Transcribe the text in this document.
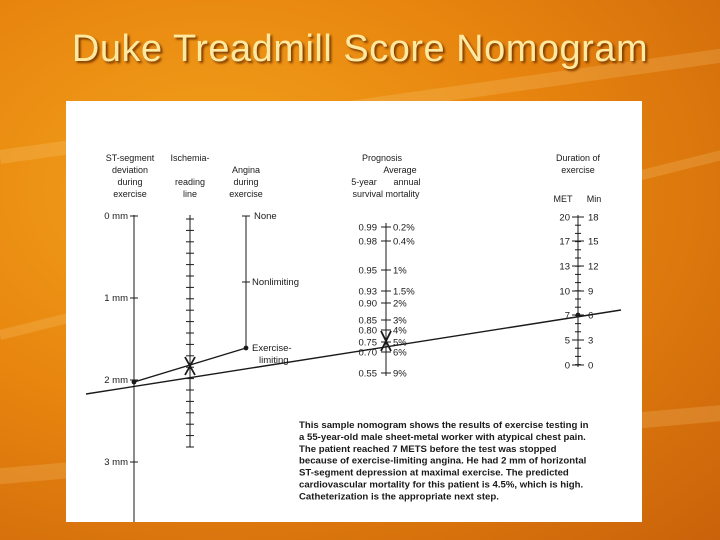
Duke Treadmill Score Nomogram
ST-segment
deviation
during
exercise
Ischemia-
reading
line
Angina
during
exercise
Prognosis
Average
5-year annual
survival mortality
Duration of
exercise
MET Min
0 mm
1 mm
2 mm
3 mm
None
Nonlimiting
Exercise-
limiting
0.99 0.2%
0.98 0.4%
0.95 1%
0.93 1.5%
0.90 2%
0.85 3%
0.80 4%
0.75 5%
0.70 6%
0.55 9%
20 18
17 15
13 12
10 9
7 6
5 3
0 0
This sample nomogram shows the results of exercise testing in
a 55-year-old male sheet-metal worker with atypical chest pain.
The patient reached 7 METS before the test was stopped
because of exercise-limiting angina. He had 2 mm of horizontal
ST-segment depression at maximal exercise. The predicted
cardiovascular mortality for this patient is 4.5%, which is high.
Catheterization is the appropriate next step.
